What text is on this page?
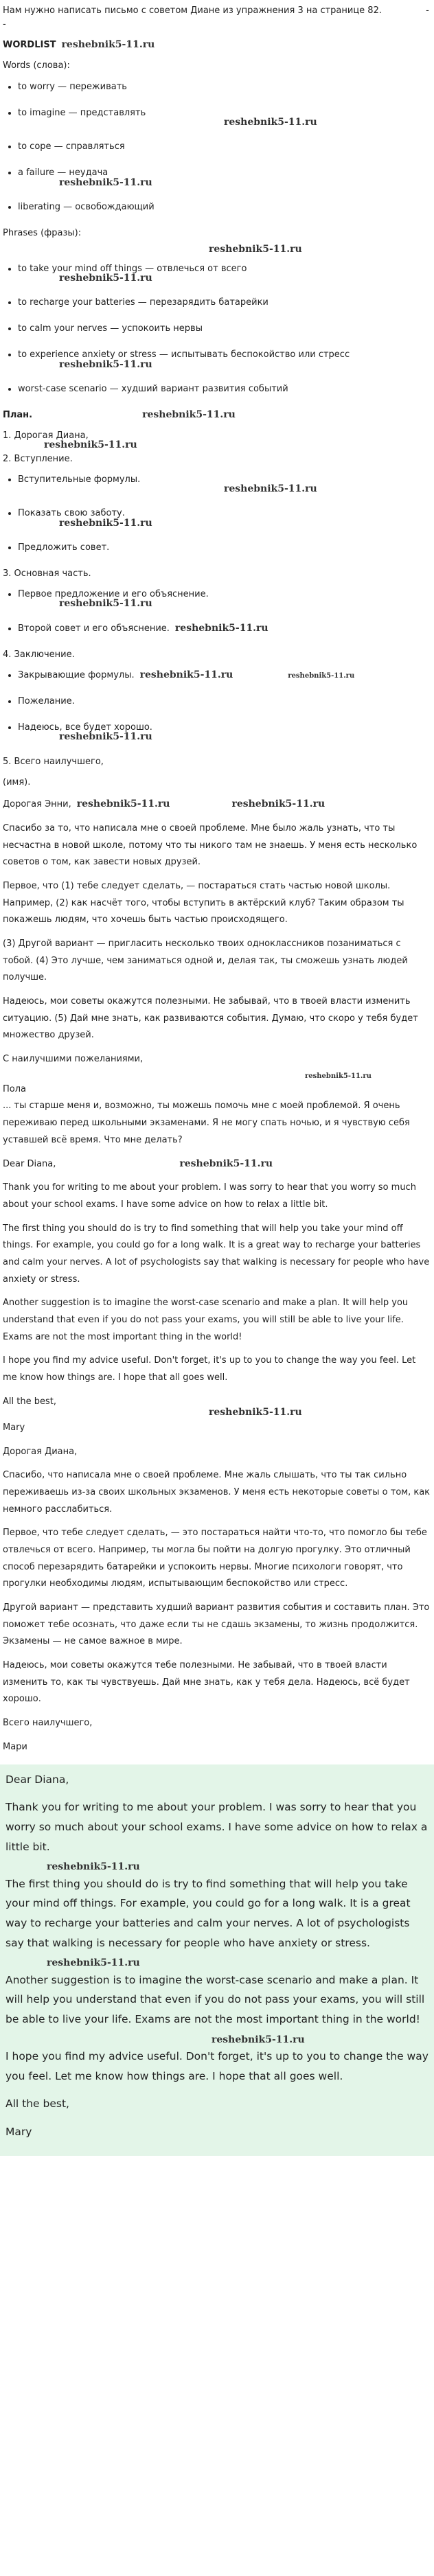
Нам нужно написать письмо с советом Диане из упражнения 3 на странице 82.	--

WORDLIST reshebnik5-11.ru

Words (слова):

• to worry — переживать
• to imagine — представлять
reshebnik5-11.ru
• to cope — справляться
• a failure — неудача
reshebnik5-11.ru
• liberating — освобождающий

Phrases (фразы):

reshebnik5-11.ru
• to take your mind off things — отвлечься от всего
reshebnik5-11.ru
• to recharge your batteries — перезарядить батарейки
• to calm your nerves — успокоить нервы
• to experience anxiety or stress — испытывать беспокойство или стресс
reshebnik5-11.ru
• worst-case scenario — худший вариант развития событий

План.	reshebnik5-11.ru

1. Дорогая Диана,

reshebnik5-11.ru

2. Вступление.

• Вступительные формулы.
reshebnik5-11.ru
• Показать свою заботу.
reshebnik5-11.ru
• Предложить совет.

3. Основная часть.

• Первое предложение и его объяснение.
reshebnik5-11.ru
• Второй совет и его объяснение. reshebnik5-11.ru

4. Заключение.

• Закрывающие формулы. reshebnik5-11.ru	reshebnik5-11.ru
• Пожелание.
• Надеюсь, все будет хорошо.
reshebnik5-11.ru

5. Всего наилучшего,

(имя).

Дорогая Энни, reshebnik5-11.ru	reshebnik5-11.ru

Спасибо за то, что написала мне о своей проблеме. Мне было жаль узнать, что ты несчастна в новой школе, потому что ты никого там не знаешь. У меня есть несколько советов о том, как завести новых друзей.

Первое, что (1) тебе следует сделать, — постараться стать частью новой школы. Например, (2) как насчёт того, чтобы вступить в актёрский клуб? Таким образом ты покажешь людям, что хочешь быть частью происходящего.

(3) Другой вариант — пригласить несколько твоих одноклассников позаниматься с тобой. (4) Это лучше, чем заниматься одной и, делая так, ты сможешь узнать людей получше.

Надеюсь, мои советы окажутся полезными. Не забывай, что в твоей власти изменить ситуацию. (5) Дай мне знать, как развиваются события. Думаю, что скоро у тебя будет множество друзей.

С наилучшими пожеланиями,

reshebnik5-11.ru

Пола

... ты старше меня и, возможно, ты можешь помочь мне с моей проблемой. Я очень переживаю перед школьными экзаменами. Я не могу спать ночью, и я чувствую себя уставшей всё время. Что мне делать?

Dear Diana,	reshebnik5-11.ru

Thank you for writing to me about your problem. I was sorry to hear that you worry so much about your school exams. I have some advice on how to relax a little bit.

The first thing you should do is try to find something that will help you take your mind off things. For example, you could go for a long walk. It is a great way to recharge your batteries and calm your nerves. A lot of psychologists say that walking is necessary for people who have anxiety or stress.

Another suggestion is to imagine the worst-case scenario and make a plan. It will help you understand that even if you do not pass your exams, you will still be able to live your life. Exams are not the most important thing in the world!

I hope you find my advice useful. Don't forget, it's up to you to change the way you feel. Let me know how things are. I hope that all goes well.

All the best,

reshebnik5-11.ru

Mary

Дорогая Диана,

Спасибо, что написала мне о своей проблеме. Мне жаль слышать, что ты так сильно переживаешь из-за своих школьных экзаменов. У меня есть некоторые советы о том, как немного расслабиться.

Первое, что тебе следует сделать, — это постараться найти что-то, что помогло бы тебе отвлечься от всего. Например, ты могла бы пойти на долгую прогулку. Это отличный способ перезарядить батарейки и успокоить нервы. Многие психологи говорят, что прогулки необходимы людям, испытывающим беспокойство или стресс.

Другой вариант — представить худший вариант развития события и составить план. Это поможет тебе осознать, что даже если ты не сдашь экзамены, то жизнь продолжится. Экзамены — не самое важное в мире.

Надеюсь, мои советы окажутся тебе полезными. Не забывай, что в твоей власти изменить то, как ты чувствуешь. Дай мне знать, как у тебя дела. Надеюсь, всё будет хорошо.

Всего наилучшего,

Мари

Dear Diana,

Thank you for writing to me about your problem. I was sorry to hear that you worry so much about your school exams. I have some advice on how to relax a little bit.

reshebnik5-11.ru

The first thing you should do is try to find something that will help you take your mind off things. For example, you could go for a long walk. It is a great way to recharge your batteries and calm your nerves. A lot of psychologists say that walking is necessary for people who have anxiety or stress.

reshebnik5-11.ru

Another suggestion is to imagine the worst-case scenario and make a plan. It will help you understand that even if you do not pass your exams, you will still be able to live your life. Exams are not the most important thing in the world!

reshebnik5-11.ru

I hope you find my advice useful. Don't forget, it's up to you to change the way you feel. Let me know how things are. I hope that all goes well.

All the best,

Mary
